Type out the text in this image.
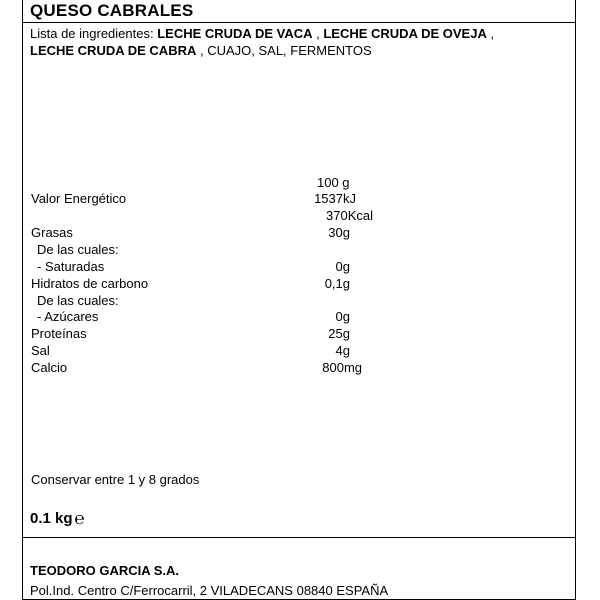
QUESO CABRALES
Lista de ingredientes: LECHE CRUDA DE VACA , LECHE CRUDA DE OVEJA ,
LECHE CRUDA DE CABRA , CUAJO, SAL, FERMENTOS
100 g
Valor Energético	1537kJ
370Kcal
Grasas	30g
De las cuales:
- Saturadas	0g
Hidratos de carbono	0,1g
De las cuales:
- Azúcares	0g
Proteínas	25g
Sal	4g
Calcio	800mg
Conservar entre 1 y 8 grados
0.1 kg ℮
TEODORO GARCIA S.A.
Pol.Ind. Centro C/Ferrocarril, 2 VILADECANS 08840 ESPAÑA
